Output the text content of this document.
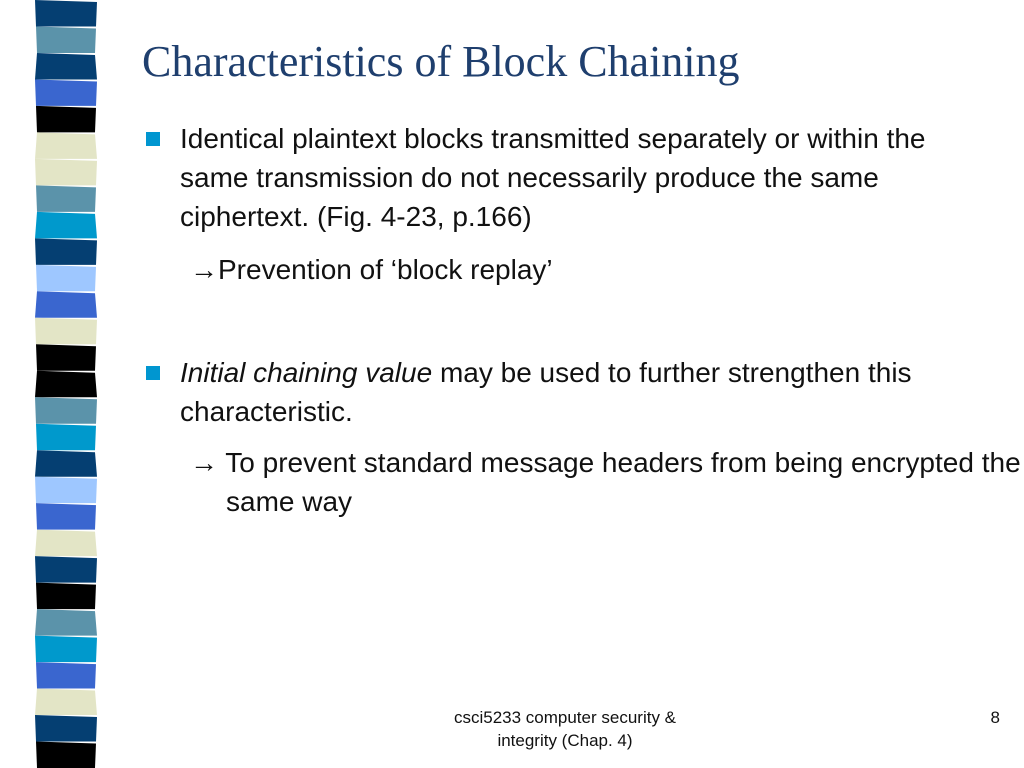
Characteristics of Block Chaining
Identical plaintext blocks transmitted separately or within the same transmission do not necessarily produce the same ciphertext. (Fig. 4-23, p.166)
→Prevention of ‘block replay’
Initial chaining value may be used to further strengthen this characteristic.
→ To prevent standard message headers from being encrypted the same way
csci5233 computer security &
integrity (Chap. 4)
8
